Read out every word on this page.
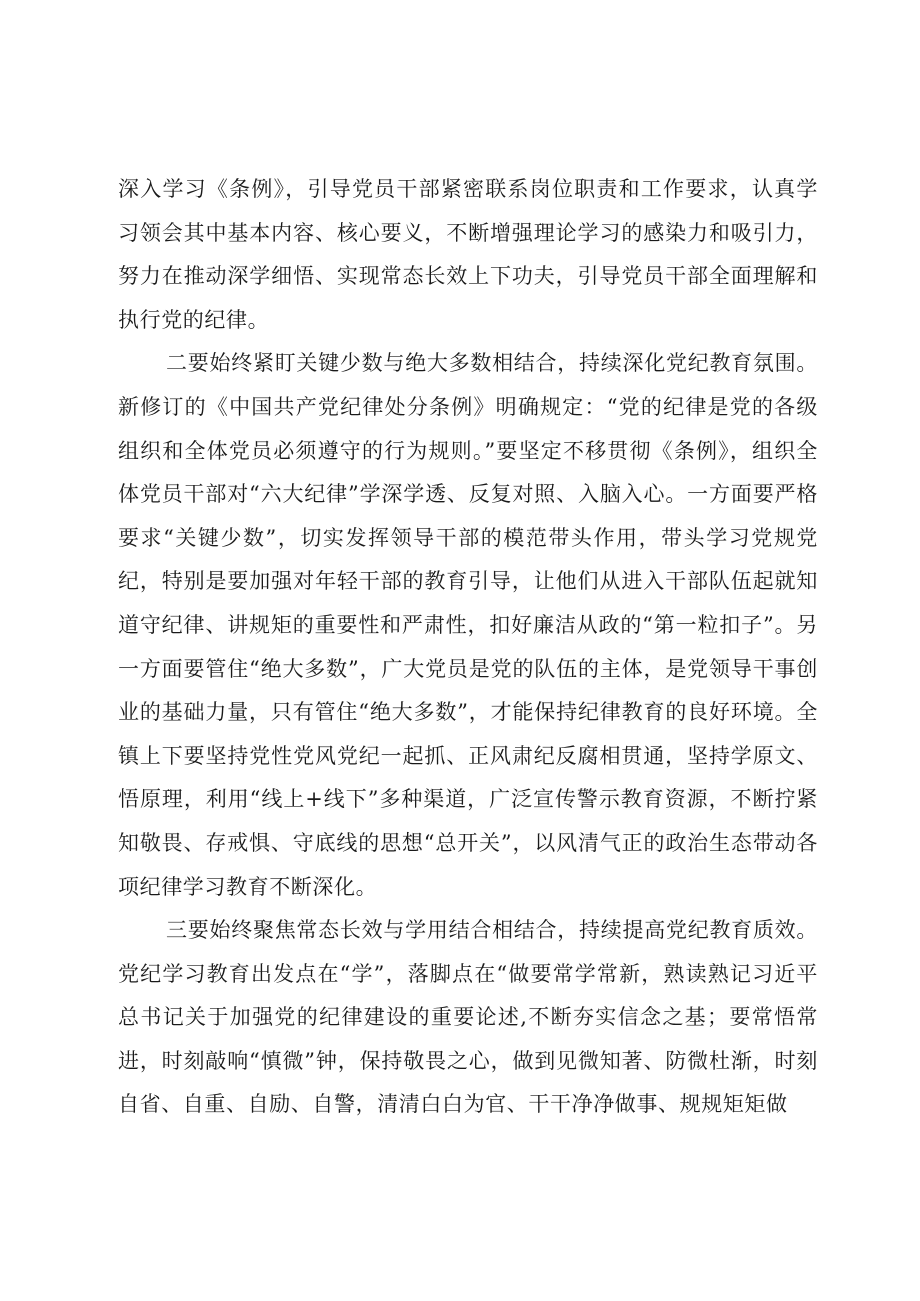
深入学习《条例》，引导党员干部紧密联系岗位职责和工作要求，认真学习领会其中基本内容、核心要义，不断增强理论学习的感染力和吸引力，努力在推动深学细悟、实现常态长效上下功夫，引导党员干部全面理解和执行党的纪律。

二要始终紧盯关键少数与绝大多数相结合，持续深化党纪教育氛围。新修订的《中国共产党纪律处分条例》明确规定：“党的纪律是党的各级组织和全体党员必须遵守的行为规则。”要坚定不移贯彻《条例》，组织全体党员干部对“六大纪律”学深学透、反复对照、入脑入心。一方面要严格要求“关键少数”，切实发挥领导干部的模范带头作用，带头学习党规党纪，特别是要加强对年轻干部的教育引导，让他们从进入干部队伍起就知道守纪律、讲规矩的重要性和严肃性，扣好廉洁从政的“第一粒扣子”。另一方面要管住“绝大多数”，广大党员是党的队伍的主体，是党领导干事创业的基础力量，只有管住“绝大多数”，才能保持纪律教育的良好环境。全镇上下要坚持党性党风党纪一起抓、正风肃纪反腐相贯通，坚持学原文、悟原理，利用“线上+线下”多种渠道，广泛宣传警示教育资源，不断拧紧知敬畏、存戒惧、守底线的思想“总开关”，以风清气正的政治生态带动各项纪律学习教育不断深化。

三要始终聚焦常态长效与学用结合相结合，持续提高党纪教育质效。党纪学习教育出发点在“学”，落脚点在“做要常学常新，熟读熟记习近平总书记关于加强党的纪律建设的重要论述,不断夯实信念之基；要常悟常进，时刻敲响“慎微”钟，保持敬畏之心，做到见微知著、防微杜渐，时刻自省、自重、自励、自警，清清白白为官、干干净净做事、规规矩矩做
